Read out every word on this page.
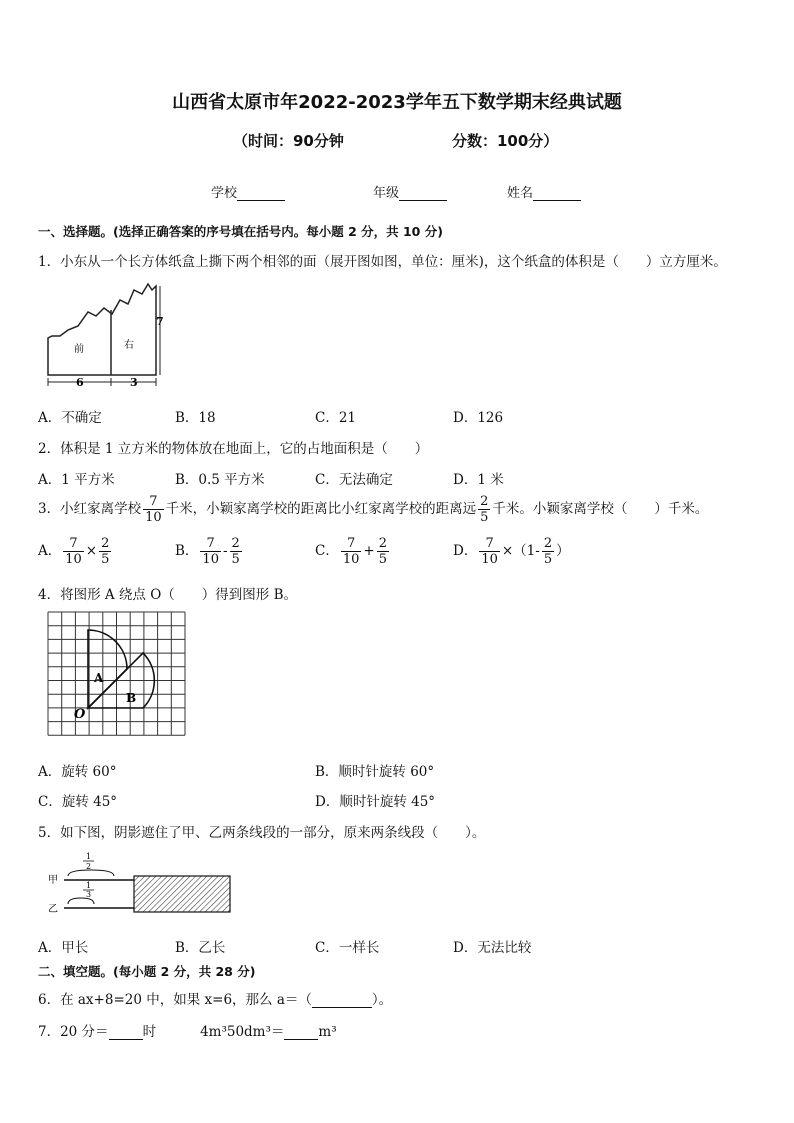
山西省太原市年2022-2023学年五下数学期末经典试题
（时间：90分钟	分数：100分）
学校	年级	姓名
一、选择题。(选择正确答案的序号填在括号内。每小题 2 分，共 10 分)
1．小东从一个长方体纸盒上撕下两个相邻的面（展开图如图，单位：厘米)，这个纸盒的体积是（　　）立方厘米。
前	右
6	3
7
A．不确定	B．18	C．21	D．126
2．体积是 1 立方米的物体放在地面上，它的占地面积是（　　）
A．1 平方米	B．0.5 平方米	C．无法确定	D．1 米
3．小红家离学校 $\frac{7}{10}$ 千米，小颖家离学校的距离比小红家离学校的距离远 $\frac{2}{5}$ 千米。小颖家离学校（　　）千米。
A． $\frac{7}{10} \times \frac{2}{5}$	B． $\frac{7}{10} - \frac{2}{5}$	C． $\frac{7}{10} + \frac{2}{5}$	D． $\frac{7}{10} \times(1- \frac{2}{5}$ ）
4．将图形 A 绕点 O（　　）得到图形 B。
A
B
O
A．旋转 60°	B．顺时针旋转 60°
C．旋转 45°	D．顺时针旋转 45°
5．如下图，阴影遮住了甲、乙两条线段的一部分，原来两条线段（　　）。
甲
乙
1
2
1
3
A．甲长	B．乙长	C．一样长	D．无法比较
二、填空题。(每小题 2 分，共 28 分)
6．在 ax+8=20 中，如果 x=6，那么 a＝（	）。
7．20 分＝	时	4m³50dm³＝	m³
